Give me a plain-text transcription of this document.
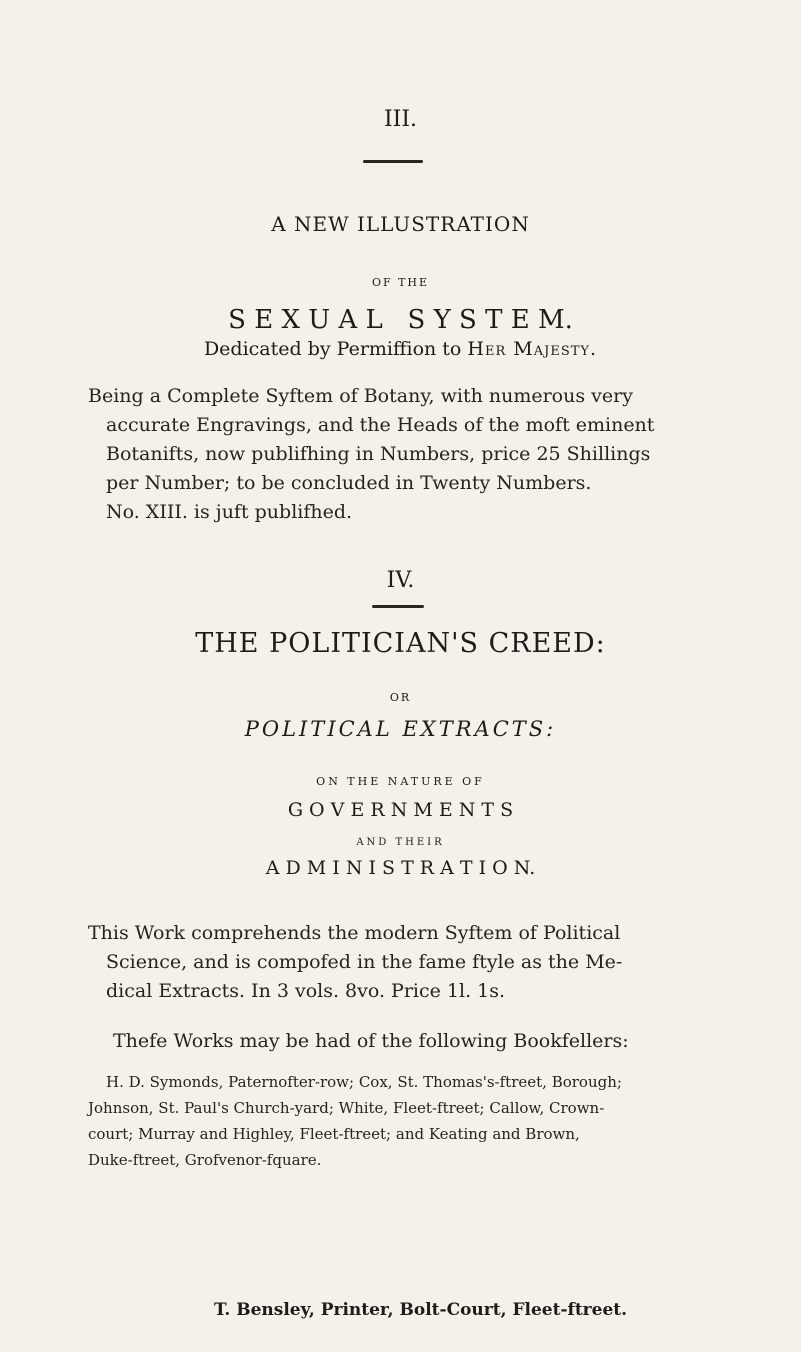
III.
A NEW ILLUSTRATION
OF THE
S E X U A L   S Y S T E M.
Dedicated by Permiffion to Her Majesty.
Being a Complete Syftem of Botany, with numerous very
accurate Engravings, and the Heads of the moft eminent
Botanifts, now publifhing in Numbers, price 25 Shillings
per Number; to be concluded in Twenty Numbers.
No. XIII. is juft publifhed.
IV.
THE POLITICIAN'S CREED:
OR
POLITICAL EXTRACTS:
ON THE NATURE OF
G O V E R N M E N T S
AND THEIR
A D M I N I S T R A T I O N.
This Work comprehends the modern Syftem of Political
Science, and is compofed in the fame ftyle as the Me-
dical Extracts. In 3 vols. 8vo. Price 1l. 1s.
Thefe Works may be had of the following Bookfellers:
H. D. Symonds, Paternofter-row; Cox, St. Thomas's-ftreet, Borough;
Johnson, St. Paul's Church-yard; White, Fleet-ftreet; Callow, Crown-
court; Murray and Highley, Fleet-ftreet; and Keating and Brown,
Duke-ftreet, Grofvenor-fquare.
T. Bensley, Printer, Bolt-Court, Fleet-ftreet.
